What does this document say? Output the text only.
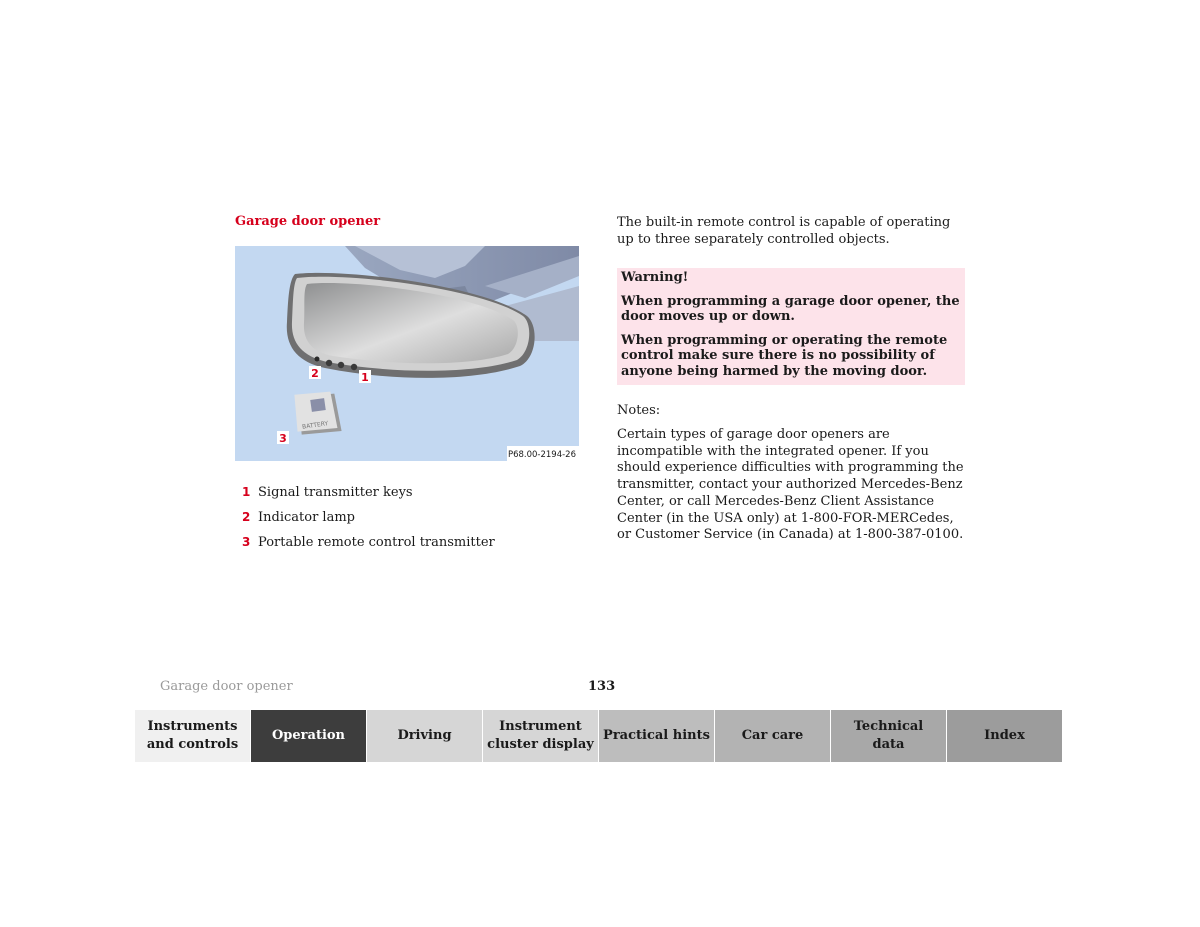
Garage door opener
2	1
BATTERY
3
P68.00-2194-26
1 Signal transmitter keys
2 Indicator lamp
3 Portable remote control transmitter
The built-in remote control is capable of operating up to three separately controlled objects.

Warning!

When programming a garage door opener, the door moves up or down.

When programming or operating the remote control make sure there is no possibility of anyone being harmed by the moving door.

Notes:
Certain types of garage door openers are incompatible with the integrated opener. If you should experience difficulties with programming the transmitter, contact your authorized Mercedes-Benz Center, or call Mercedes-Benz Client Assistance Center (in the USA only) at 1-800-FOR-MERCedes, or Customer Service (in Canada) at 1-800-387-0100.
Garage door opener	133
Instruments
and controls
Operation	Driving
Instrument
cluster display
Practical hints Car care
Technical
data
Index
